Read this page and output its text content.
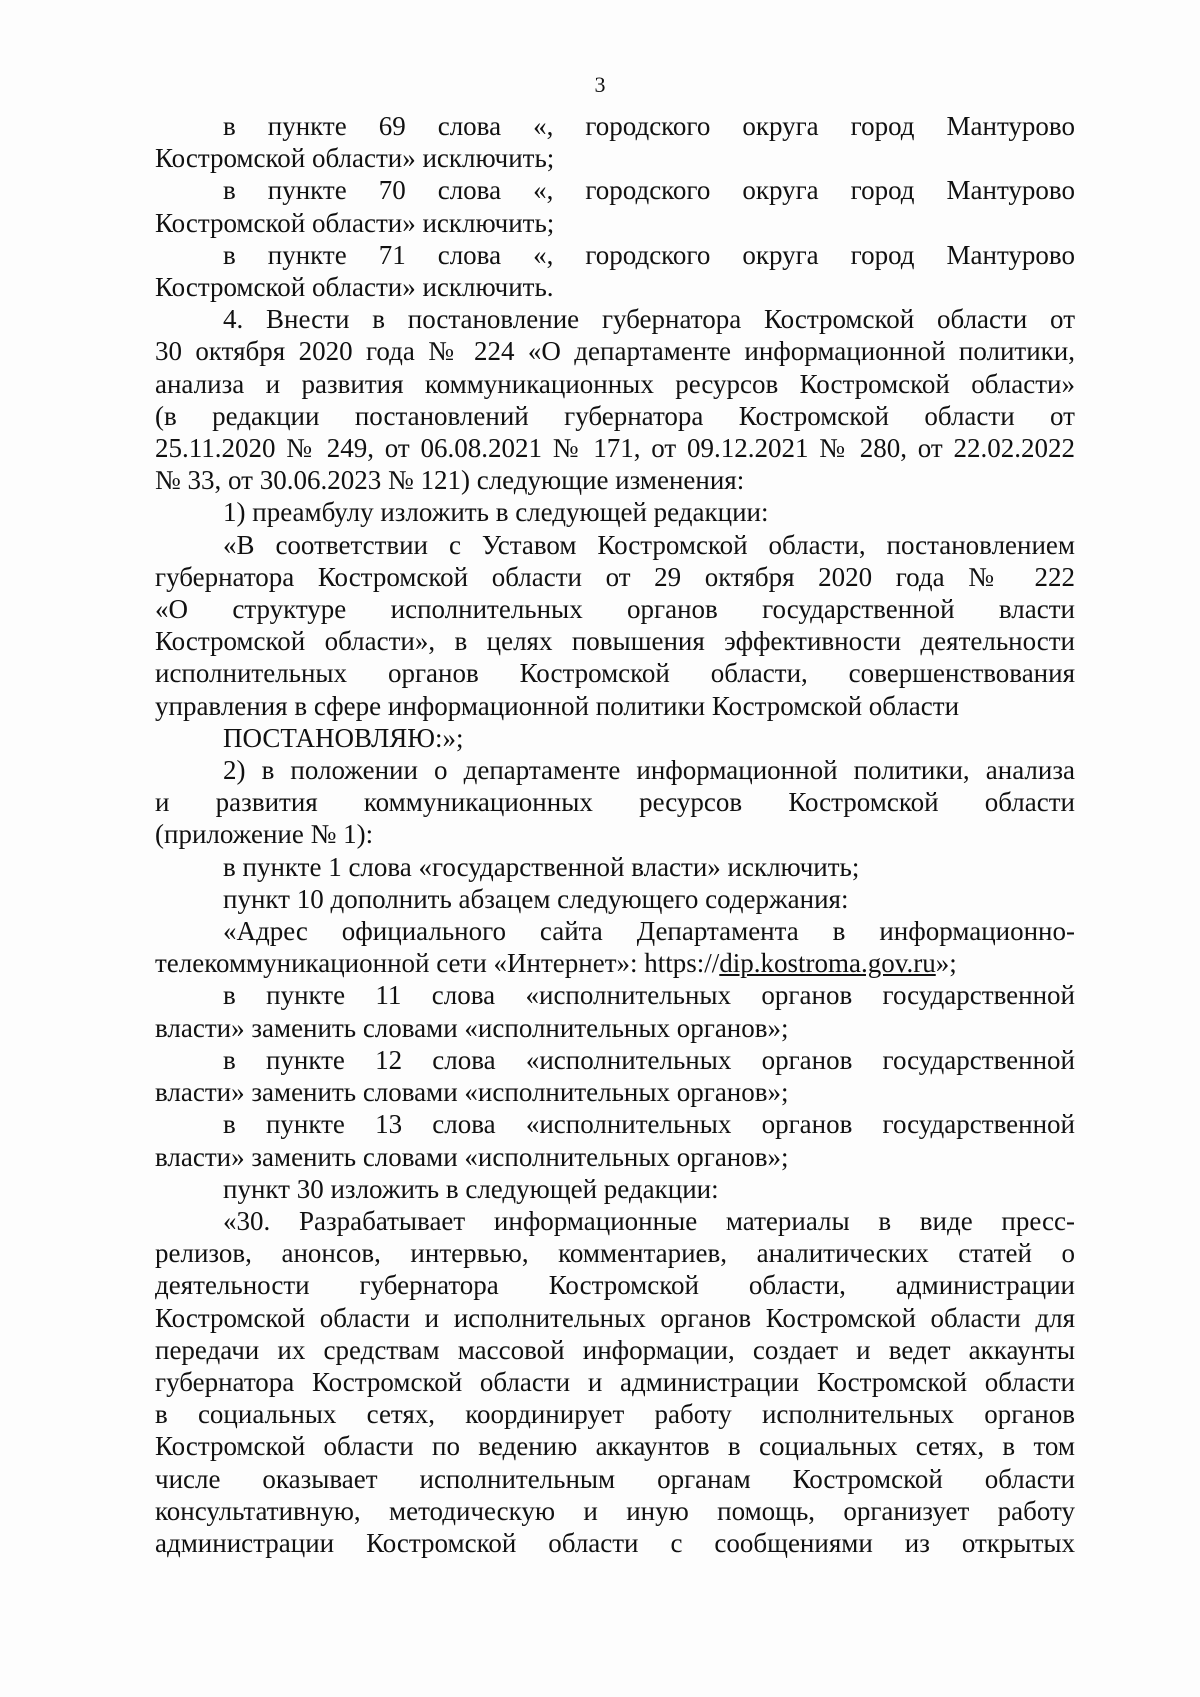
3
в пункте 69 слова «, городского округа город Мантурово
Костромской области» исключить;
в пункте 70 слова «, городского округа город Мантурово
Костромской области» исключить;
в пункте 71 слова «, городского округа город Мантурово
Костромской области» исключить.
4. Внести в постановление губернатора Костромской области от
30 октября 2020 года № 224 «О департаменте информационной политики,
анализа и развития коммуникационных ресурсов Костромской области»
(в редакции постановлений губернатора Костромской области от
25.11.2020 № 249, от 06.08.2021 № 171, от 09.12.2021 № 280, от 22.02.2022
№ 33, от 30.06.2023 № 121) следующие изменения:
1) преамбулу изложить в следующей редакции:
«В соответствии с Уставом Костромской области, постановлением
губернатора Костромской области от 29 октября 2020 года № 222
«О структуре исполнительных органов государственной власти
Костромской области», в целях повышения эффективности деятельности
исполнительных органов Костромской области, совершенствования
управления в сфере информационной политики Костромской области
ПОСТАНОВЛЯЮ:»;
2) в положении о департаменте информационной политики, анализа
и развития коммуникационных ресурсов Костромской области
(приложение № 1):
в пункте 1 слова «государственной власти» исключить;
пункт 10 дополнить абзацем следующего содержания:
«Адрес официального сайта Департамента в информационно-
телекоммуникационной сети «Интернет»: https://dip.kostroma.gov.ru»;
в пункте 11 слова «исполнительных органов государственной
власти» заменить словами «исполнительных органов»;
в пункте 12 слова «исполнительных органов государственной
власти» заменить словами «исполнительных органов»;
в пункте 13 слова «исполнительных органов государственной
власти» заменить словами «исполнительных органов»;
пункт 30 изложить в следующей редакции:
«30. Разрабатывает информационные материалы в виде пресс-
релизов, анонсов, интервью, комментариев, аналитических статей о
деятельности губернатора Костромской области, администрации
Костромской области и исполнительных органов Костромской области для
передачи их средствам массовой информации, создает и ведет аккаунты
губернатора Костромской области и администрации Костромской области
в социальных сетях, координирует работу исполнительных органов
Костромской области по ведению аккаунтов в социальных сетях, в том
числе оказывает исполнительным органам Костромской области
консультативную, методическую и иную помощь, организует работу
администрации Костромской области с сообщениями из открытых
